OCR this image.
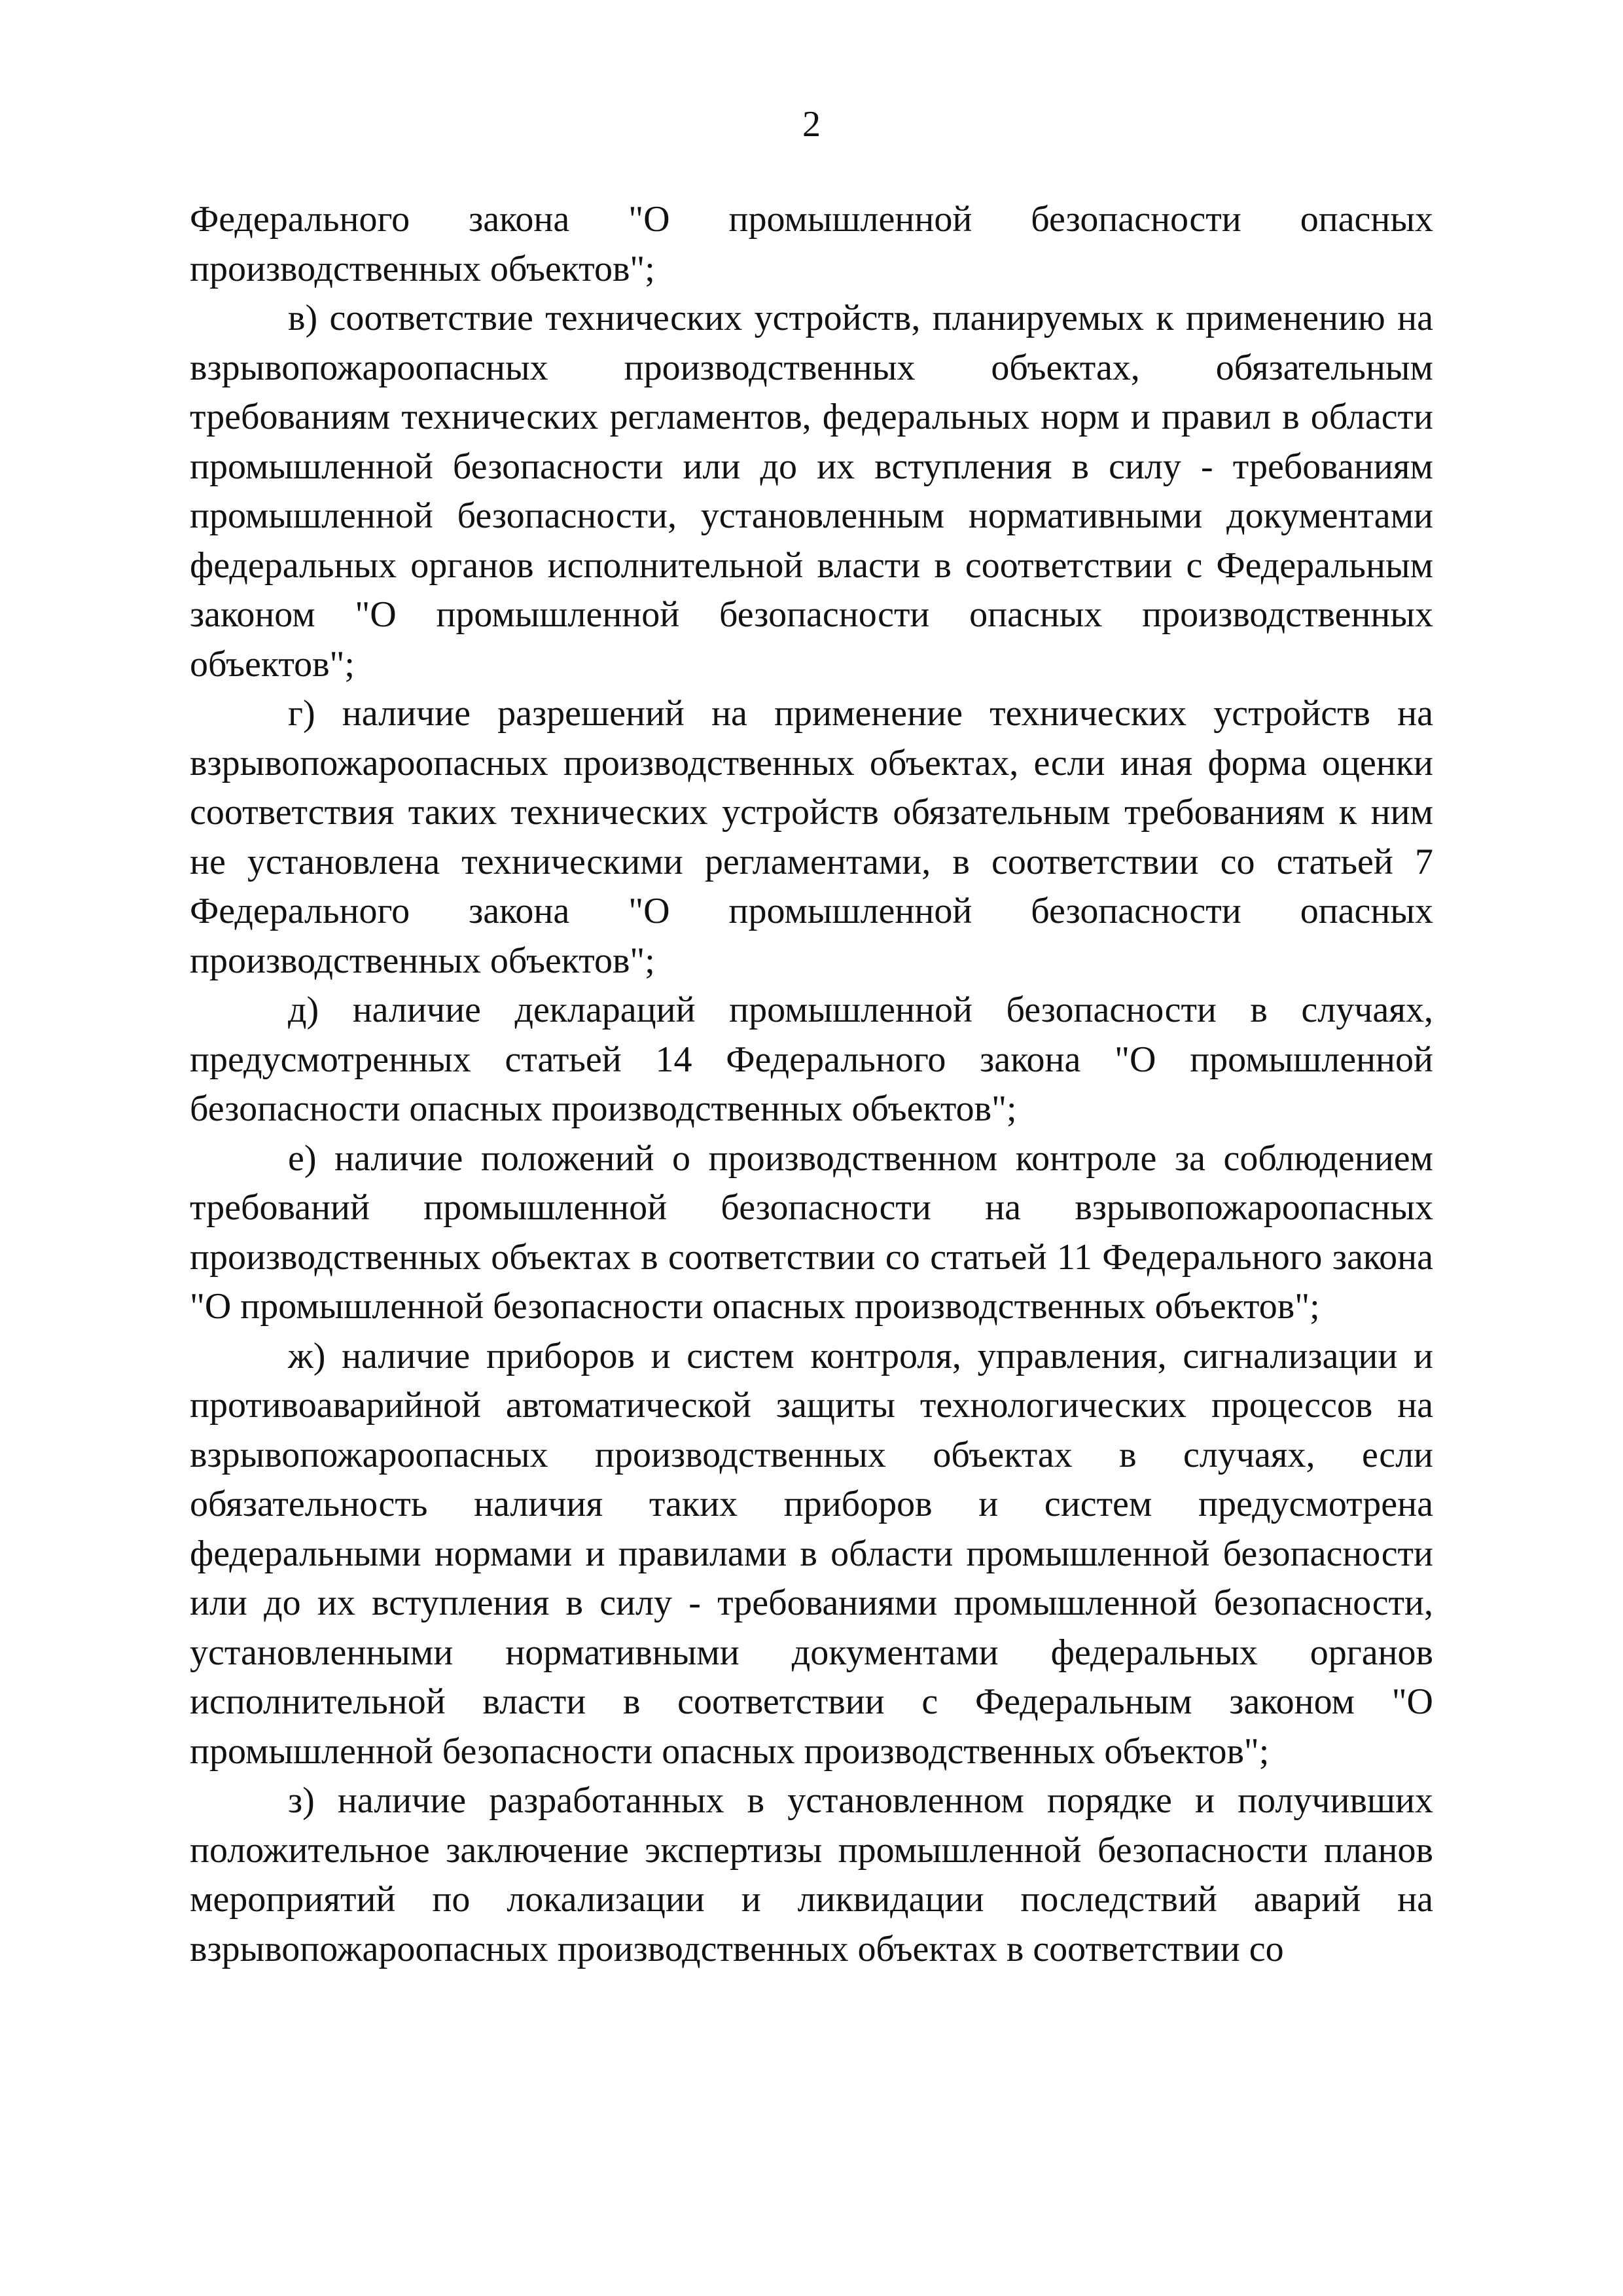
2

Федерального закона "О промышленной безопасности опасных производственных объектов";

в) соответствие технических устройств, планируемых к применению на взрывопожароопасных производственных объектах, обязательным требованиям технических регламентов, федеральных норм и правил в области промышленной безопасности или до их вступления в силу - требованиям промышленной безопасности, установленным нормативными документами федеральных органов исполнительной власти в соответствии с Федеральным законом "О промышленной безопасности опасных производственных объектов";

г) наличие разрешений на применение технических устройств на взрывопожароопасных производственных объектах, если иная форма оценки соответствия таких технических устройств обязательным требованиям к ним не установлена техническими регламентами, в соответствии со статьей 7 Федерального закона "О промышленной безопасности опасных производственных объектов";

д) наличие деклараций промышленной безопасности в случаях, предусмотренных статьей 14 Федерального закона "О промышленной безопасности опасных производственных объектов";

е) наличие положений о производственном контроле за соблюдением требований промышленной безопасности на взрывопожароопасных производственных объектах в соответствии со статьей 11 Федерального закона "О промышленной безопасности опасных производственных объектов";

ж) наличие приборов и систем контроля, управления, сигнализации и противоаварийной автоматической защиты технологических процессов на взрывопожароопасных производственных объектах в случаях, если обязательность наличия таких приборов и систем предусмотрена федеральными нормами и правилами в области промышленной безопасности или до их вступления в силу - требованиями промышленной безопасности, установленными нормативными документами федеральных органов исполнительной власти в соответствии с Федеральным законом "О промышленной безопасности опасных производственных объектов";

з) наличие разработанных в установленном порядке и получивших положительное заключение экспертизы промышленной безопасности планов мероприятий по локализации и ликвидации последствий аварий на взрывопожароопасных производственных объектах в соответствии со
